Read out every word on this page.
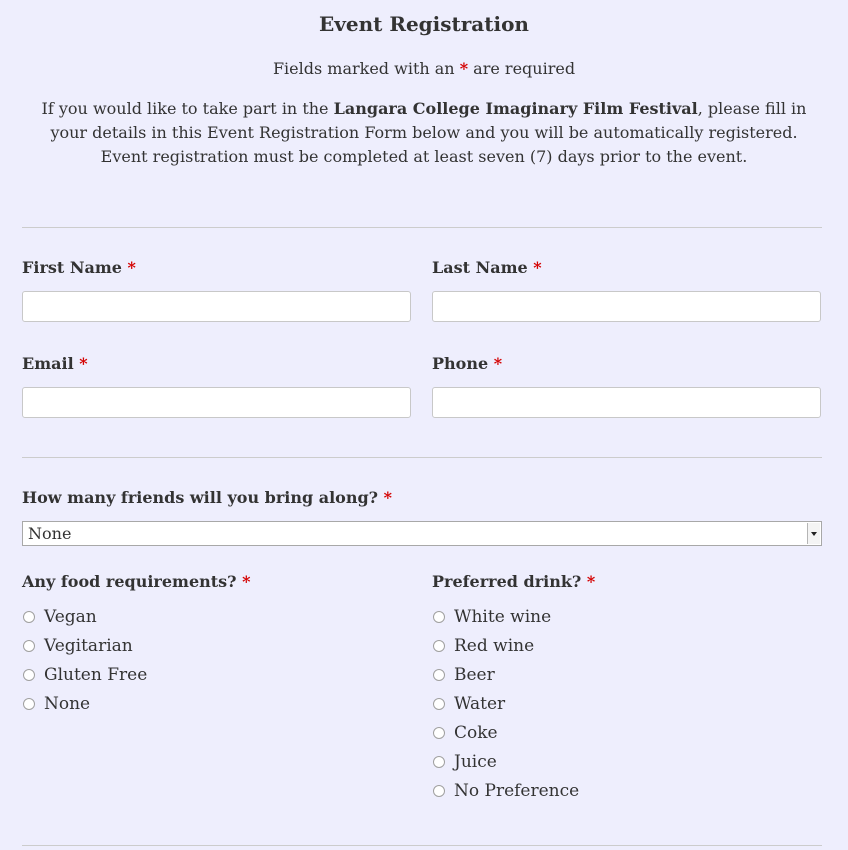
Event Registration
Fields marked with an * are required
If you would like to take part in the Langara College Imaginary Film Festival, please fill in your details in this Event Registration Form below and you will be automatically registered. Event registration must be completed at least seven (7) days prior to the event.
First Name *	Last Name *
Email *	Phone *
How many friends will you bring along? *
None
Any food requirements? *
Vegan
Vegitarian
Gluten Free
None
Preferred drink? *
White wine
Red wine
Beer
Water
Coke
Juice
No Preference
